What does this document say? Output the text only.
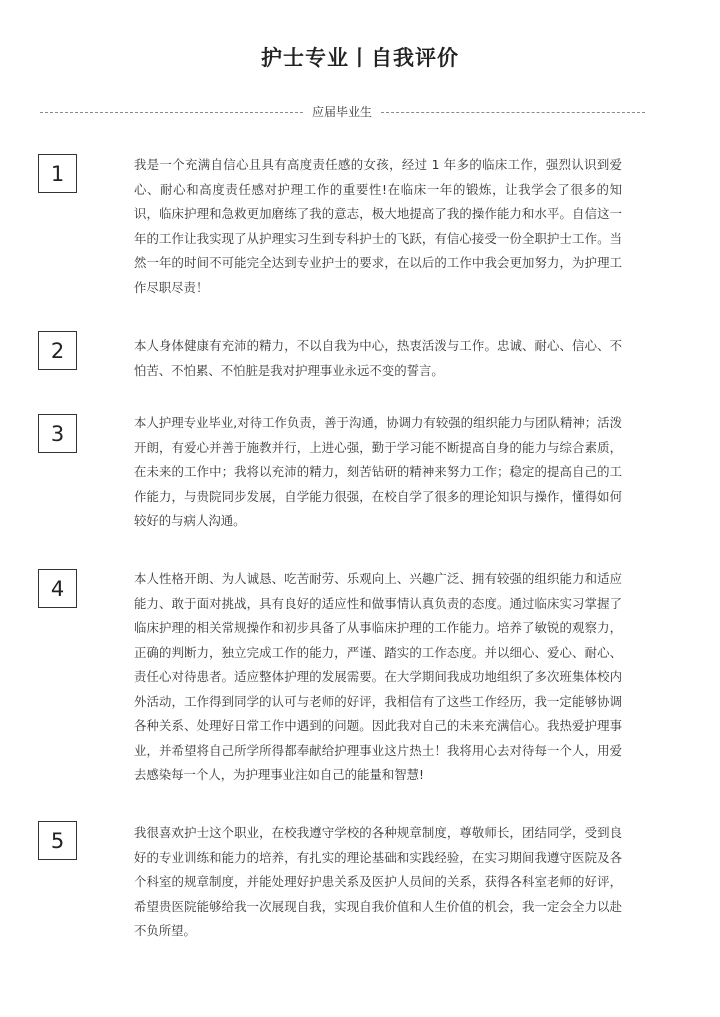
护士专业丨自我评价
应届毕业生
1	我是一个充满自信心且具有高度责任感的女孩，经过 1 年多的临床工作，强烈认识到爱心、耐心和高度责任感对护理工作的重要性!在临床一年的锻炼，让我学会了很多的知识，临床护理和急救更加磨练了我的意志，极大地提高了我的操作能力和水平。自信这一年的工作让我实现了从护理实习生到专科护士的飞跃，有信心接受一份全职护士工作。当然一年的时间不可能完全达到专业护士的要求，在以后的工作中我会更加努力，为护理工作尽职尽责！

2	本人身体健康有充沛的精力，不以自我为中心，热衷活泼与工作。忠诚、耐心、信心、不怕苦、不怕累、不怕脏是我对护理事业永远不变的誓言。

3	本人护理专业毕业,对待工作负责，善于沟通，协调力有较强的组织能力与团队精神；活泼开朗，有爱心并善于施教并行，上进心强，勤于学习能不断提高自身的能力与综合素质，在未来的工作中；我将以充沛的精力，刻苦钻研的精神来努力工作；稳定的提高自己的工作能力，与贵院同步发展，自学能力很强，在校自学了很多的理论知识与操作，懂得如何较好的与病人沟通。

4	本人性格开朗、为人诚恳、吃苦耐劳、乐观向上、兴趣广泛、拥有较强的组织能力和适应能力、敢于面对挑战，具有良好的适应性和做事情认真负责的态度。通过临床实习掌握了临床护理的相关常规操作和初步具备了从事临床护理的工作能力。培养了敏锐的观察力，正确的判断力，独立完成工作的能力，严谨、踏实的工作态度。并以细心、爱心、耐心、责任心对待患者。适应整体护理的发展需要。在大学期间我成功地组织了多次班集体校内外活动，工作得到同学的认可与老师的好评，我相信有了这些工作经历，我一定能够协调各种关系、处理好日常工作中遇到的问题。因此我对自己的未来充满信心。我热爱护理事业，并希望将自己所学所得都奉献给护理事业这片热土！我将用心去对待每一个人，用爱去感染每一个人，为护理事业注如自己的能量和智慧!

5	我很喜欢护士这个职业，在校我遵守学校的各种规章制度，尊敬师长，团结同学，受到良好的专业训练和能力的培养，有扎实的理论基础和实践经验，在实习期间我遵守医院及各个科室的规章制度，并能处理好护患关系及医护人员间的关系，获得各科室老师的好评，希望贵医院能够给我一次展现自我，实现自我价值和人生价值的机会，我一定会全力以赴不负所望。
